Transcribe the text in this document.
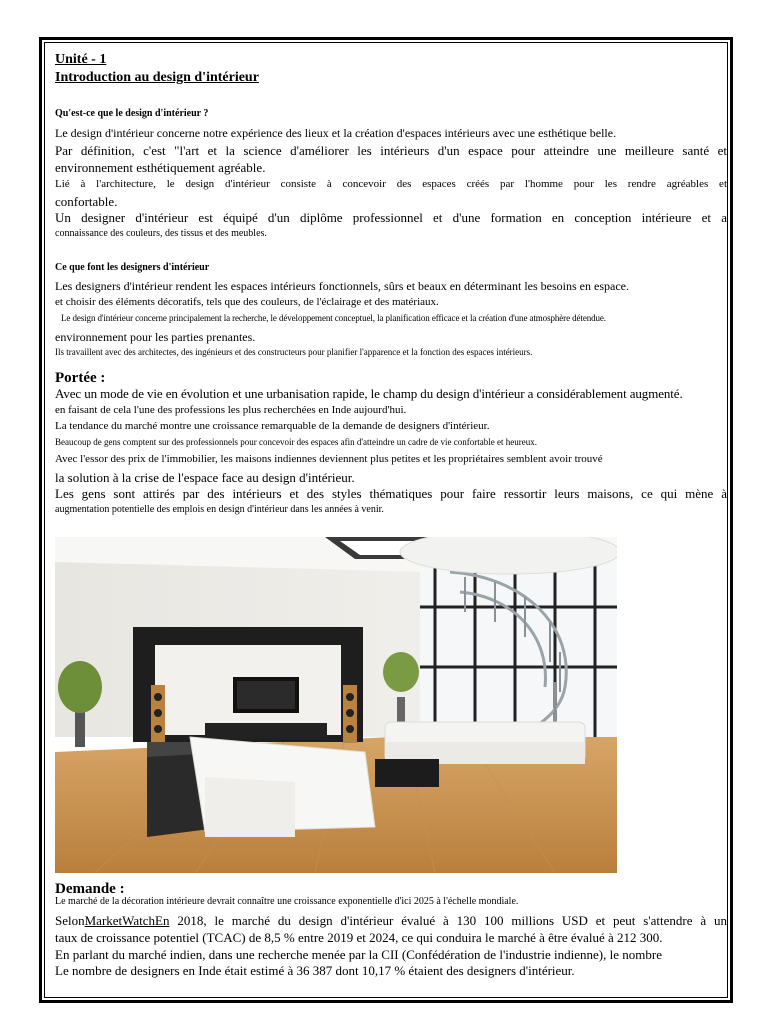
Unité - 1
Introduction au design d'intérieur
Qu'est-ce que le design d'intérieur ?
Le design d'intérieur concerne notre expérience des lieux et la création d'espaces intérieurs avec une esthétique belle.
Par définition, c'est "l'art et la science d'améliorer les intérieurs d'un espace pour atteindre une meilleure santé et
environnement esthétiquement agréable.
Lié à l'architecture, le design d'intérieur consiste à concevoir des espaces créés par l'homme pour les rendre agréables et
confortable.
Un designer d'intérieur est équipé d'un diplôme professionnel et d'une formation en conception intérieure et a
connaissance des couleurs, des tissus et des meubles.
Ce que font les designers d'intérieur
Les designers d'intérieur rendent les espaces intérieurs fonctionnels, sûrs et beaux en déterminant les besoins en espace.
et choisir des éléments décoratifs, tels que des couleurs, de l'éclairage et des matériaux.
Le design d'intérieur concerne principalement la recherche, le développement conceptuel, la planification efficace et la création d'une atmosphère détendue.
environnement pour les parties prenantes.
Ils travaillent avec des architectes, des ingénieurs et des constructeurs pour planifier l'apparence et la fonction des espaces intérieurs.
Portée :
Avec un mode de vie en évolution et une urbanisation rapide, le champ du design d'intérieur a considérablement augmenté.
en faisant de cela l'une des professions les plus recherchées en Inde aujourd'hui.
La tendance du marché montre une croissance remarquable de la demande de designers d'intérieur.
Beaucoup de gens comptent sur des professionnels pour concevoir des espaces afin d'atteindre un cadre de vie confortable et heureux.
Avec l'essor des prix de l'immobilier, les maisons indiennes deviennent plus petites et les propriétaires semblent avoir trouvé
la solution à la crise de l'espace face au design d'intérieur.
Les gens sont attirés par des intérieurs et des styles thématiques pour faire ressortir leurs maisons, ce qui mène à
augmentation potentielle des emplois en design d'intérieur dans les années à venir.
Demande :
Le marché de la décoration intérieure devrait connaître une croissance exponentielle d'ici 2025 à l'échelle mondiale.
SelonMarketWatchEn 2018, le marché du design d'intérieur évalué à 130 100 millions USD et peut s'attendre à un
taux de croissance potentiel (TCAC) de 8,5 % entre 2019 et 2024, ce qui conduira le marché à être évalué à 212 300.
En parlant du marché indien, dans une recherche menée par la CII (Confédération de l'industrie indienne), le nombre
Le nombre de designers en Inde était estimé à 36 387 dont 10,17 % étaient des designers d'intérieur.
